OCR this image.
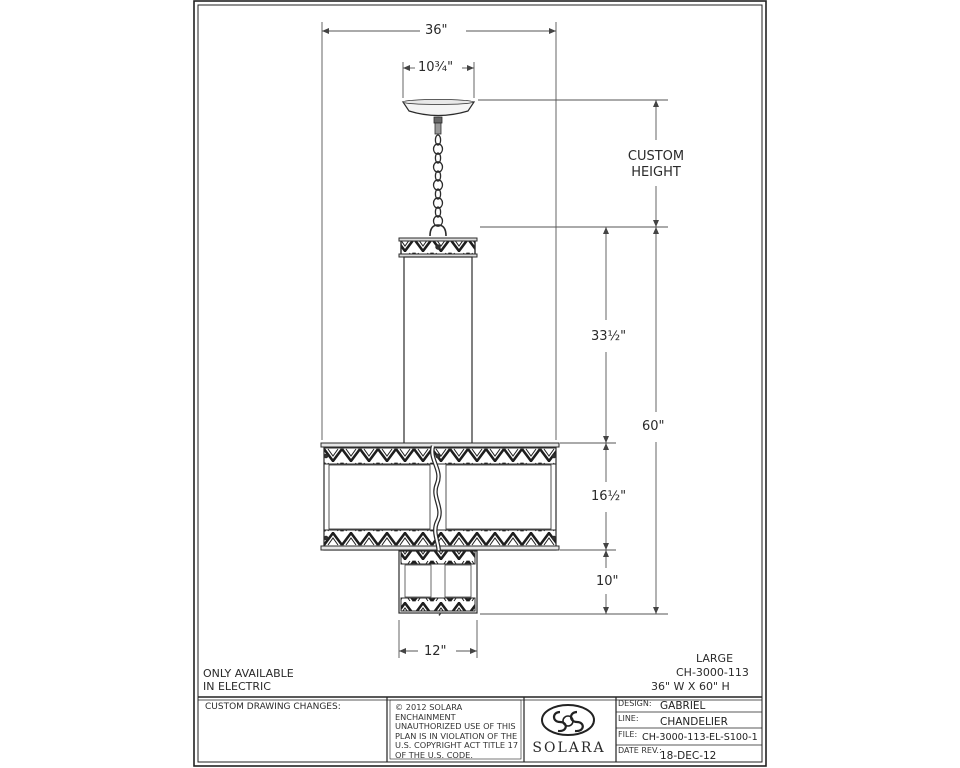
36"
10¾"
CUSTOM
HEIGHT
33½"
60"
16½"
10"
12"
ONLY AVAILABLE
IN ELECTRIC
LARGE
CH-3000-113
36" W X 60" H
CUSTOM DRAWING CHANGES:	© 2012 SOLARA ENCHAINMENT
UNAUTHORIZED USE OF THIS
PLAN IS IN VIOLATION OF THE
U.S. COPYRIGHT ACT TITLE 17
OF THE U.S. CODE.	SOLARA
DESIGN: GABRIEL
LINE: CHANDELIER
FILE: CH-3000-113-EL-S100-1
DATE REV.:
18-DEC-12
